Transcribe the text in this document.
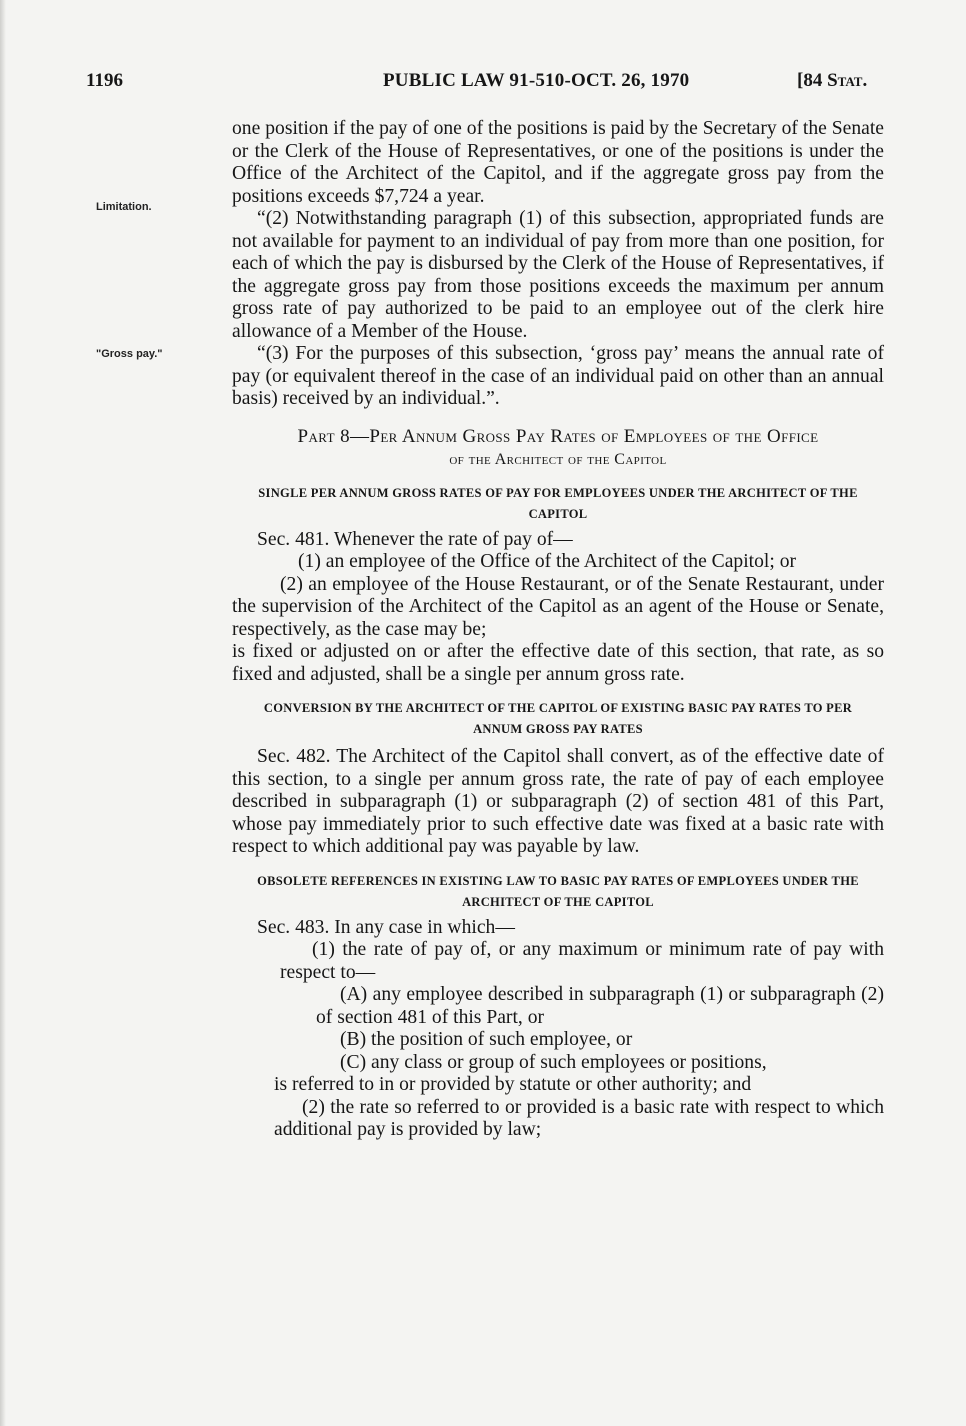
1196	PUBLIC LAW 91-510-OCT. 26, 1970	[84 Stat.
Limitation.
"Gross pay."

one position if the pay of one of the positions is paid by the Secretary of the Senate or the Clerk of the House of Representatives, or one of the positions is under the Office of the Architect of the Capitol, and if the aggregate gross pay from the positions exceeds $7,724 a year.

“(2) Notwithstanding paragraph (1) of this subsection, appropriated funds are not available for payment to an individual of pay from more than one position, for each of which the pay is disbursed by the Clerk of the House of Representatives, if the aggregate gross pay from those positions exceeds the maximum per annum gross rate of pay authorized to be paid to an employee out of the clerk hire allowance of a Member of the House.

“(3) For the purposes of this subsection, ‘gross pay’ means the annual rate of pay (or equivalent thereof in the case of an individual paid on other than an annual basis) received by an individual.”.

Part 8—Per Annum Gross Pay Rates of Employees of the Office
of the Architect of the Capitol

SINGLE PER ANNUM GROSS RATES OF PAY FOR EMPLOYEES UNDER THE ARCHITECT OF THE CAPITOL

Sec. 481. Whenever the rate of pay of—

(1) an employee of the Office of the Architect of the Capitol; or

(2) an employee of the House Restaurant, or of the Senate Restaurant, under the supervision of the Architect of the Capitol as an agent of the House or Senate, respectively, as the case may be;

is fixed or adjusted on or after the effective date of this section, that rate, as so fixed and adjusted, shall be a single per annum gross rate.

CONVERSION BY THE ARCHITECT OF THE CAPITOL OF EXISTING BASIC PAY RATES TO PER ANNUM GROSS PAY RATES

Sec. 482. The Architect of the Capitol shall convert, as of the effective date of this section, to a single per annum gross rate, the rate of pay of each employee described in subparagraph (1) or subparagraph (2) of section 481 of this Part, whose pay immediately prior to such effective date was fixed at a basic rate with respect to which additional pay was payable by law.

OBSOLETE REFERENCES IN EXISTING LAW TO BASIC PAY RATES OF EMPLOYEES UNDER THE ARCHITECT OF THE CAPITOL

Sec. 483. In any case in which—

(1) the rate of pay of, or any maximum or minimum rate of pay with respect to—

(A) any employee described in subparagraph (1) or subparagraph (2) of section 481 of this Part, or

(B) the position of such employee, or

(C) any class or group of such employees or positions,

is referred to in or provided by statute or other authority; and

(2) the rate so referred to or provided is a basic rate with respect to which additional pay is provided by law;
